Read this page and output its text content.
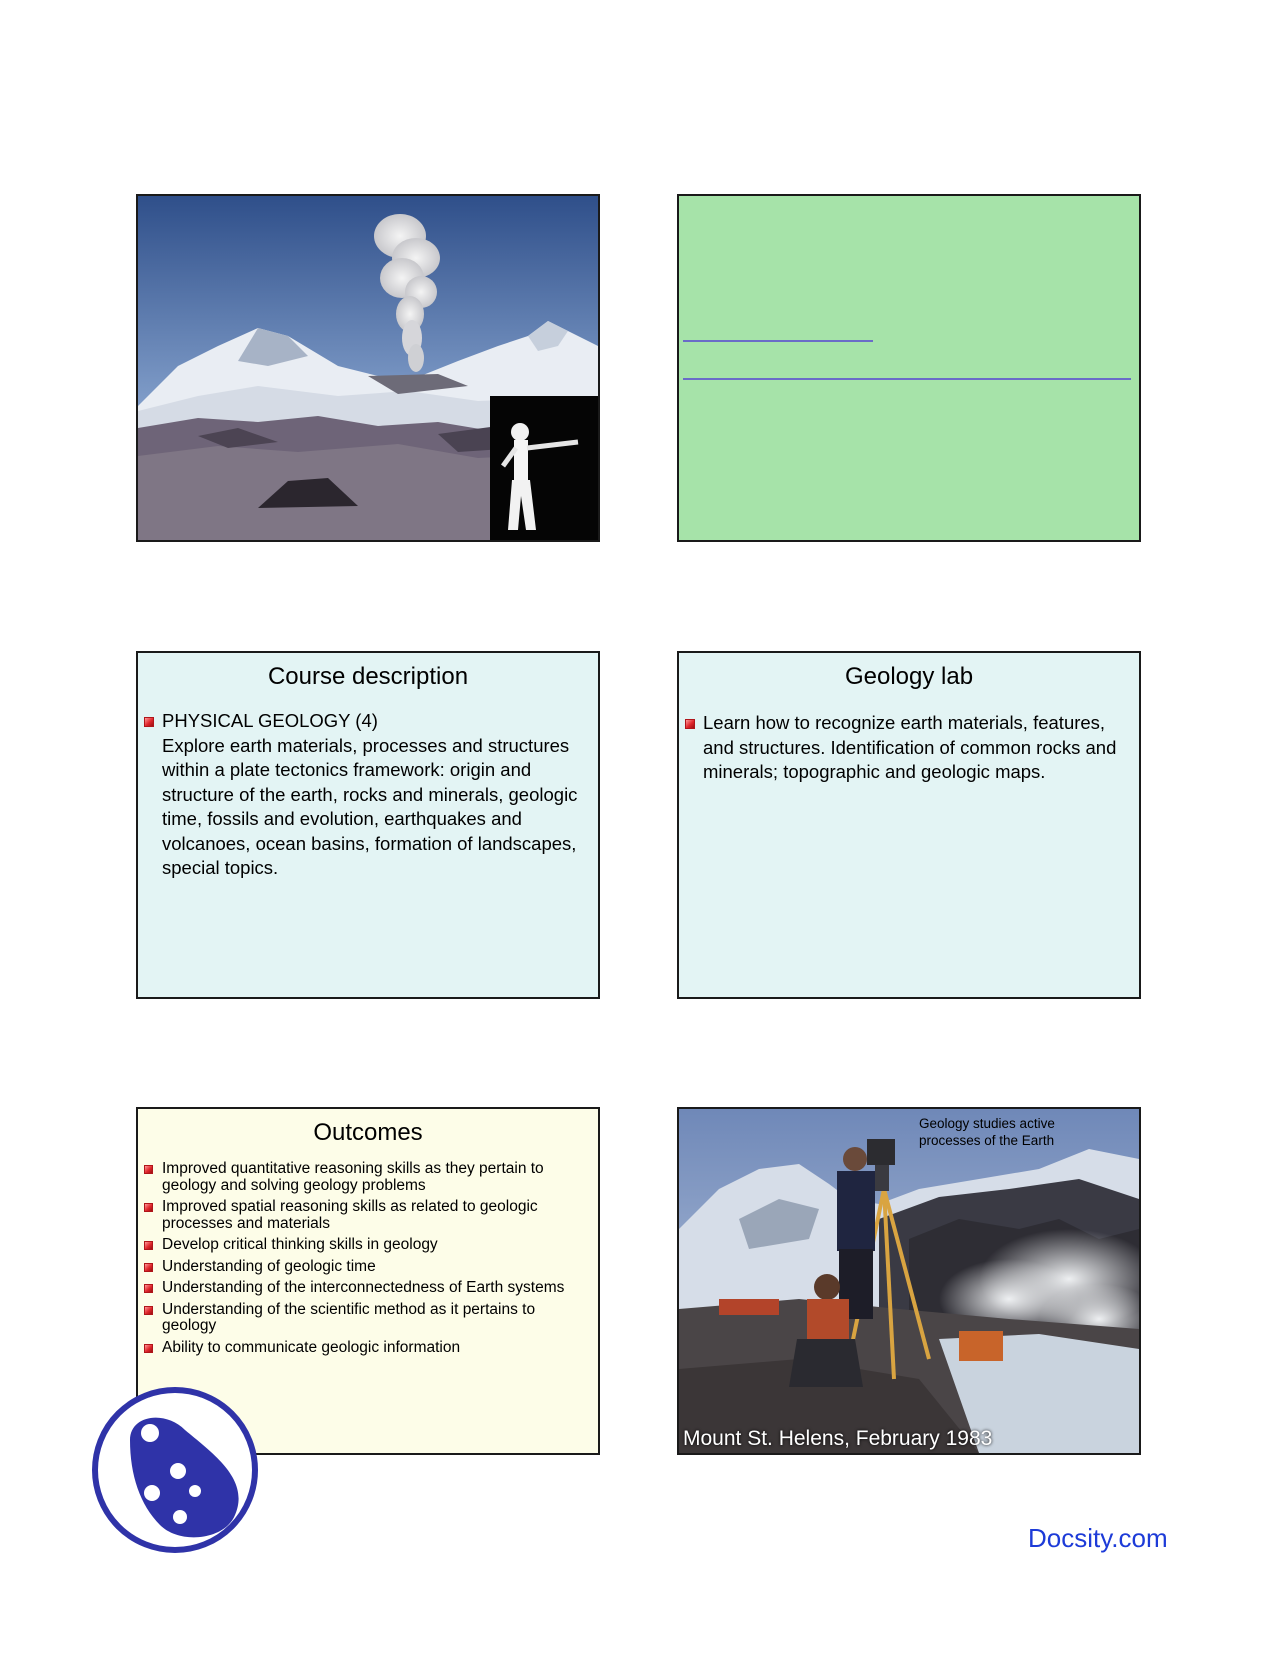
Course description
PHYSICAL GEOLOGY (4)
Explore earth materials, processes and structures within a plate tectonics framework: origin and structure of the earth, rocks and minerals, geologic time, fossils and evolution, earthquakes and volcanoes, ocean basins, formation of landscapes, special topics.
Geology lab
Learn how to recognize earth materials, features, and structures. Identification of common rocks and minerals; topographic and geologic maps.
Outcomes
Improved quantitative reasoning skills as they pertain to geology and solving geology problems
Improved spatial reasoning skills as related to geologic processes and materials
Develop critical thinking skills in geology
Understanding of geologic time
Understanding of the interconnectedness of Earth systems
Understanding of the scientific method as it pertains to geology
Ability to communicate geologic information
Geology studies active processes of the Earth
Mount St. Helens, February 1983
Docsity.com
